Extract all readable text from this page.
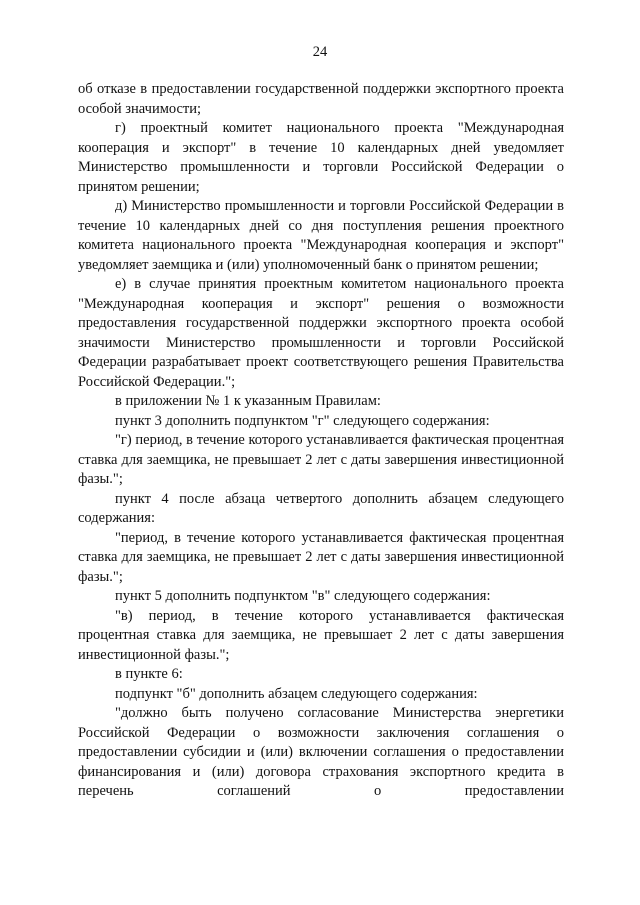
24

об отказе в предоставлении государственной поддержки экспортного проекта особой значимости;

г) проектный комитет национального проекта "Международная кооперация и экспорт" в течение 10 календарных дней уведомляет Министерство промышленности и торговли Российской Федерации о принятом решении;

д) Министерство промышленности и торговли Российской Федерации в течение 10 календарных дней со дня поступления решения проектного комитета национального проекта "Международная кооперация и экспорт" уведомляет заемщика и (или) уполномоченный банк о принятом решении;

е) в случае принятия проектным комитетом национального проекта "Международная кооперация и экспорт" решения о возможности предоставления государственной поддержки экспортного проекта особой значимости Министерство промышленности и торговли Российской Федерации разрабатывает проект соответствующего решения Правительства Российской Федерации.";

в приложении № 1 к указанным Правилам:

пункт 3 дополнить подпунктом "г" следующего содержания:

"г) период, в течение которого устанавливается фактическая процентная ставка для заемщика, не превышает 2 лет с даты завершения инвестиционной фазы.";

пункт 4 после абзаца четвертого дополнить абзацем следующего содержания:

"период, в течение которого устанавливается фактическая процентная ставка для заемщика, не превышает 2 лет с даты завершения инвестиционной фазы.";

пункт 5 дополнить подпунктом "в" следующего содержания:

"в) период, в течение которого устанавливается фактическая процентная ставка для заемщика, не превышает 2 лет с даты завершения инвестиционной фазы.";

в пункте 6:

подпункт "б" дополнить абзацем следующего содержания:

"должно быть получено согласование Министерства энергетики Российской Федерации о возможности заключения соглашения о предоставлении субсидии и (или) включении соглашения о предоставлении финансирования и (или) договора страхования экспортного кредита в перечень соглашений о предоставлении
